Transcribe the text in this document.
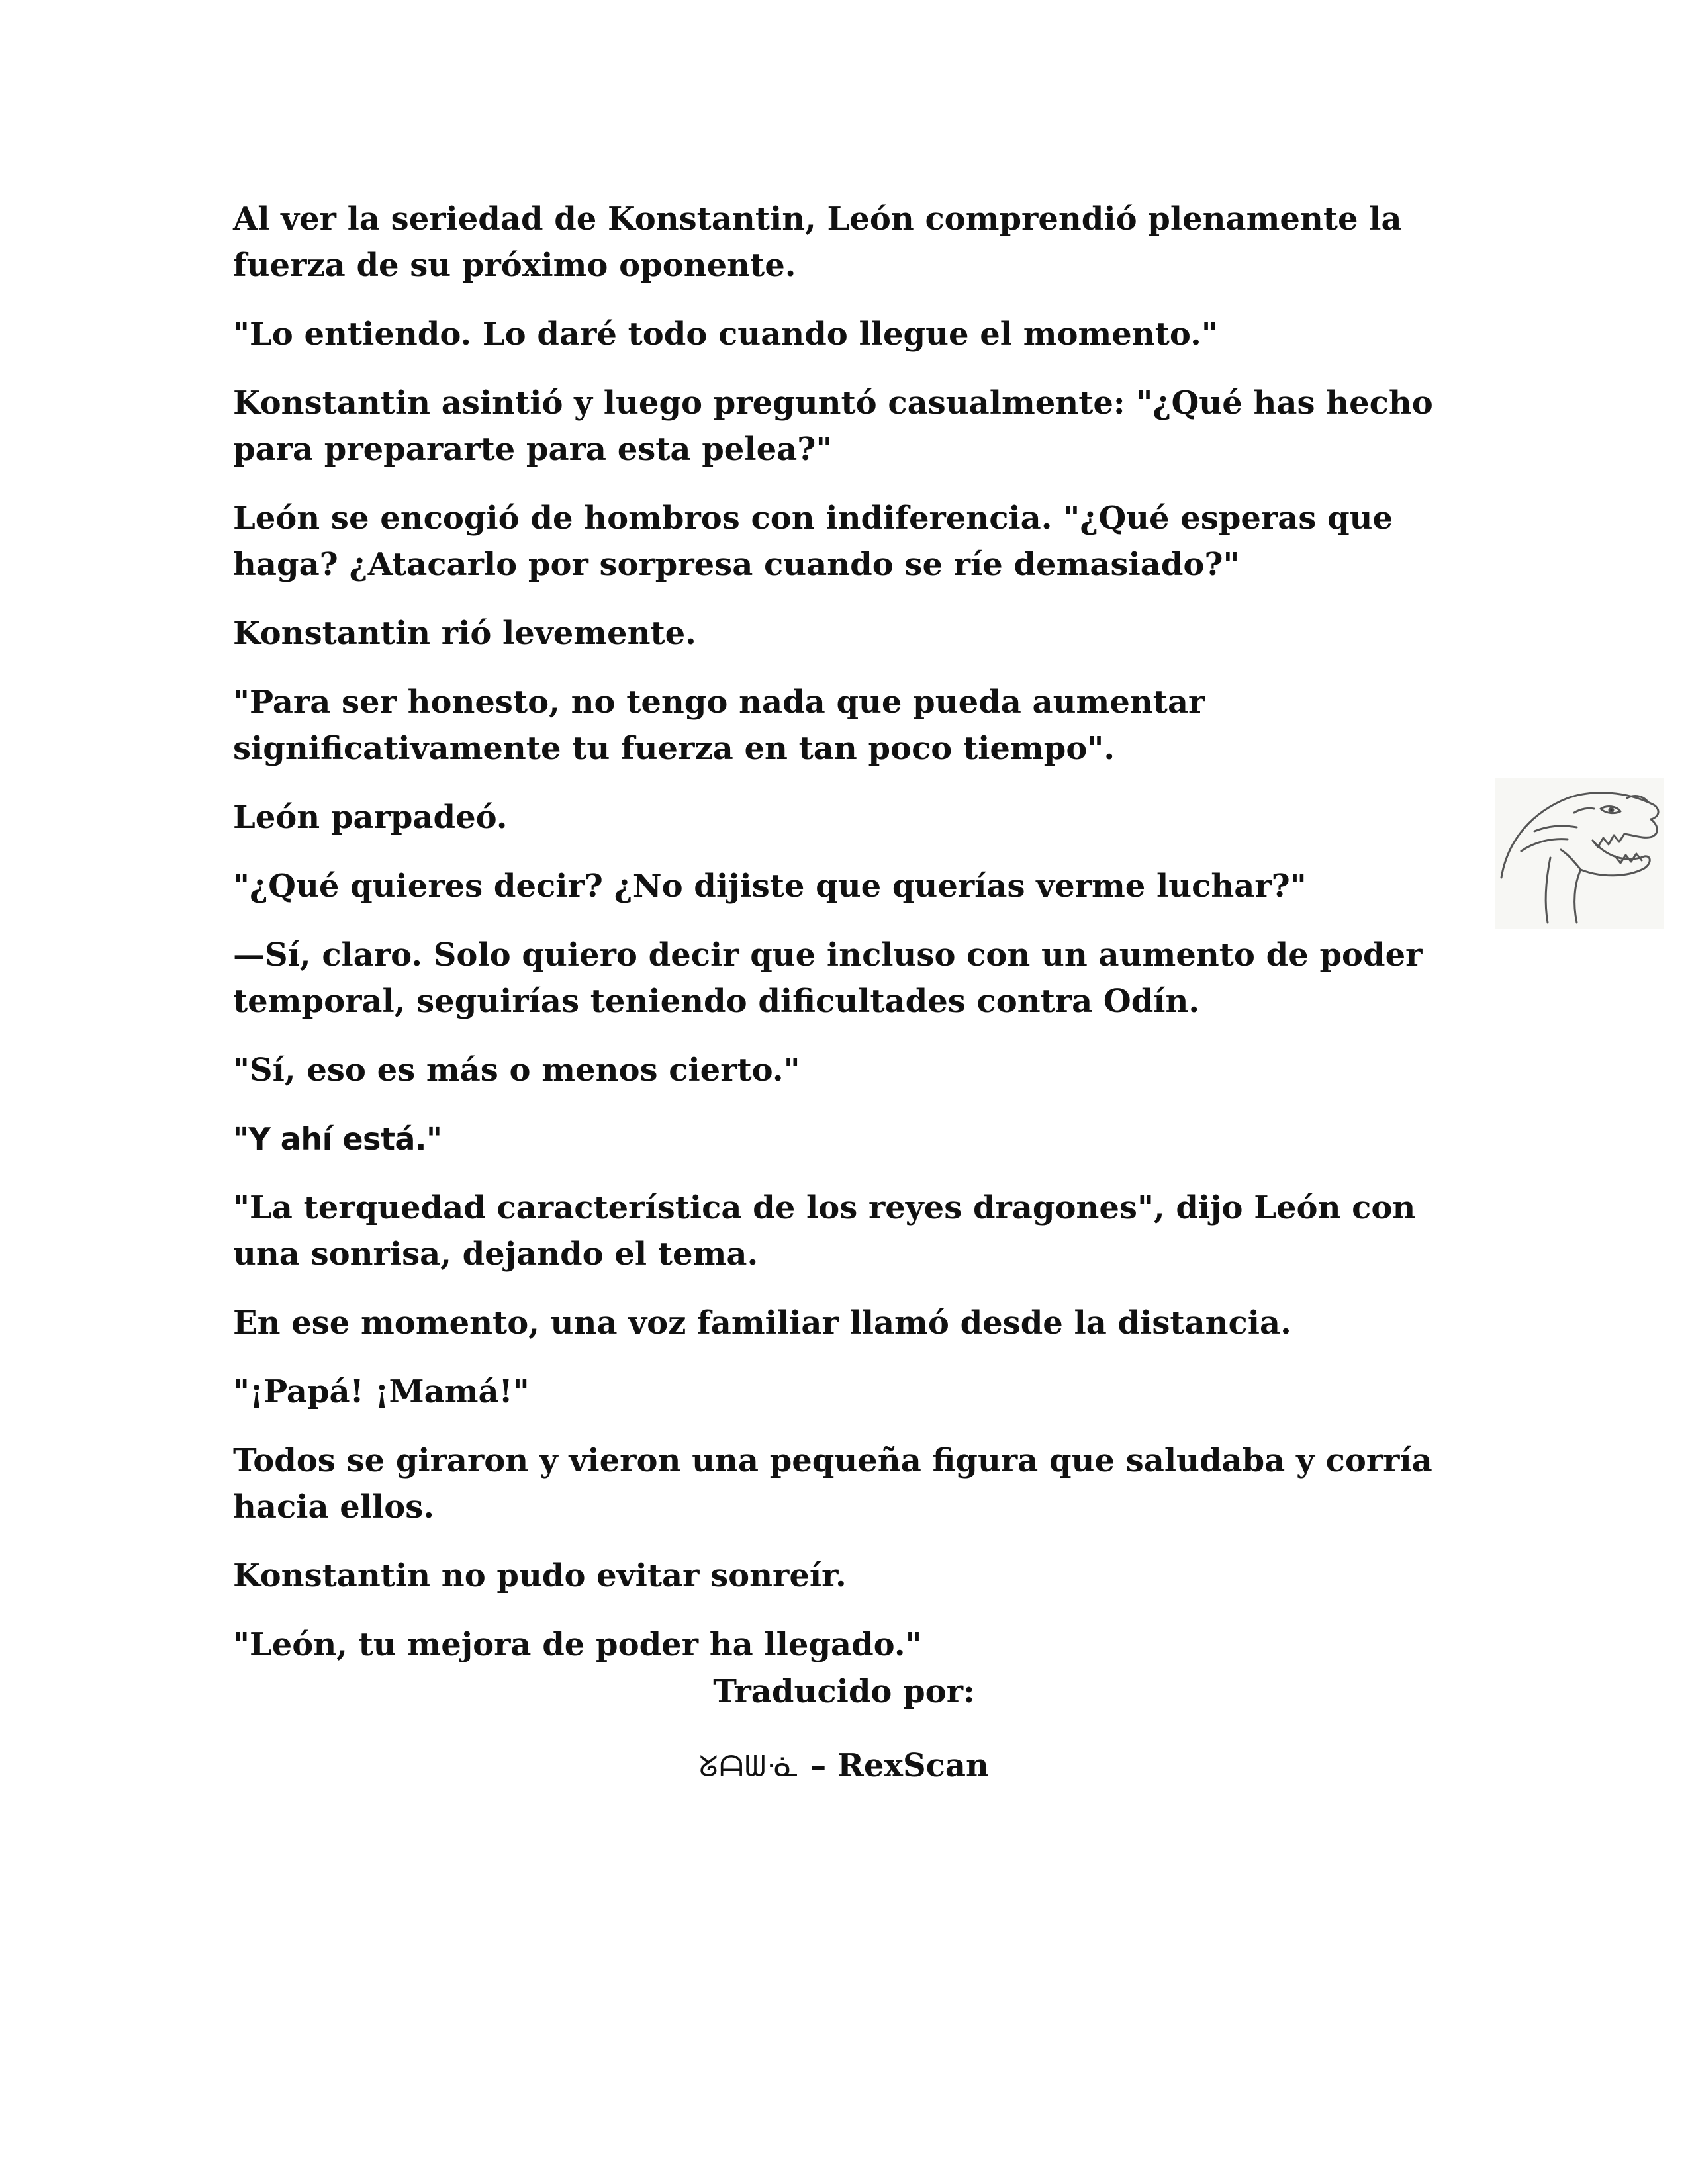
Al ver la seriedad de Konstantin, León comprendió plenamente la fuerza de su próximo oponente.

"Lo entiendo. Lo daré todo cuando llegue el momento."

Konstantin asintió y luego preguntó casualmente: "¿Qué has hecho para prepararte para esta pelea?"

León se encogió de hombros con indiferencia. "¿Qué esperas que haga? ¿Atacarlo por sorpresa cuando se ríe demasiado?"

Konstantin rió levemente.

"Para ser honesto, no tengo nada que pueda aumentar significativamente tu fuerza en tan poco tiempo".

León parpadeó.

"¿Qué quieres decir? ¿No dijiste que querías verme luchar?"

—Sí, claro. Solo quiero decir que incluso con un aumento de poder temporal, seguirías teniendo dificultades contra Odín.

"Sí, eso es más o menos cierto."

"Y ahí está."

"La terquedad característica de los reyes dragones", dijo León con una sonrisa, dejando el tema.

En ese momento, una voz familiar llamó desde la distancia.

"¡Papá! ¡Mamá!"

Todos se giraron y vieron una pequeña figura que saludaba y corría hacia ellos.

Konstantin no pudo evitar sonreír.

"León, tu mejora de poder ha llegado."

Traducido por:
ᘜᗩᗯᓍ – RexScan
